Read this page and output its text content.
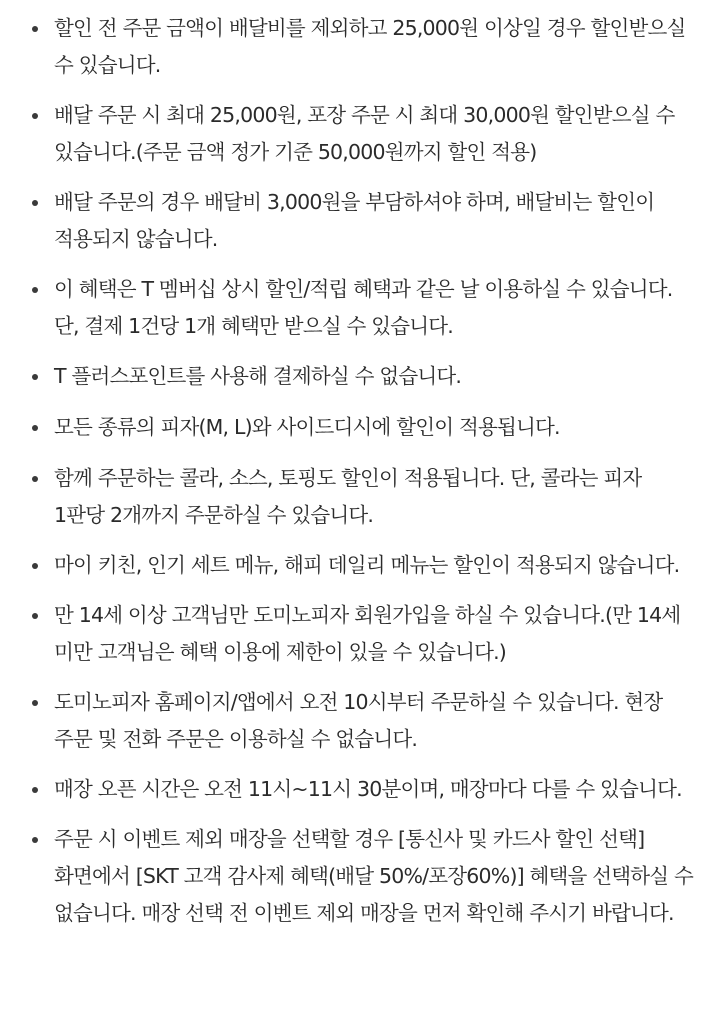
할인 전 주문 금액이 배달비를 제외하고 25,000원 이상일 경우 할인받으실 수 있습니다.
배달 주문 시 최대 25,000원, 포장 주문 시 최대 30,000원 할인받으실 수 있습니다.(주문 금액 정가 기준 50,000원까지 할인 적용)
배달 주문의 경우 배달비 3,000원을 부담하셔야 하며, 배달비는 할인이 적용되지 않습니다.
이 혜택은 T 멤버십 상시 할인/적립 혜택과 같은 날 이용하실 수 있습니다. 단, 결제 1건당 1개 혜택만 받으실 수 있습니다.
T 플러스포인트를 사용해 결제하실 수 없습니다.
모든 종류의 피자(M, L)와 사이드디시에 할인이 적용됩니다.
함께 주문하는 콜라, 소스, 토핑도 할인이 적용됩니다. 단, 콜라는 피자 1판당 2개까지 주문하실 수 있습니다.
마이 키친, 인기 세트 메뉴, 해피 데일리 메뉴는 할인이 적용되지 않습니다.
만 14세 이상 고객님만 도미노피자 회원가입을 하실 수 있습니다.(만 14세 미만 고객님은 혜택 이용에 제한이 있을 수 있습니다.)
도미노피자 홈페이지/앱에서 오전 10시부터 주문하실 수 있습니다. 현장 주문 및 전화 주문은 이용하실 수 없습니다.
매장 오픈 시간은 오전 11시~11시 30분이며, 매장마다 다를 수 있습니다.
주문 시 이벤트 제외 매장을 선택할 경우 [통신사 및 카드사 할인 선택] 화면에서 [SKT 고객 감사제 혜택(배달 50%/포장60%)] 혜택을 선택하실 수 없습니다. 매장 선택 전 이벤트 제외 매장을 먼저 확인해 주시기 바랍니다.
